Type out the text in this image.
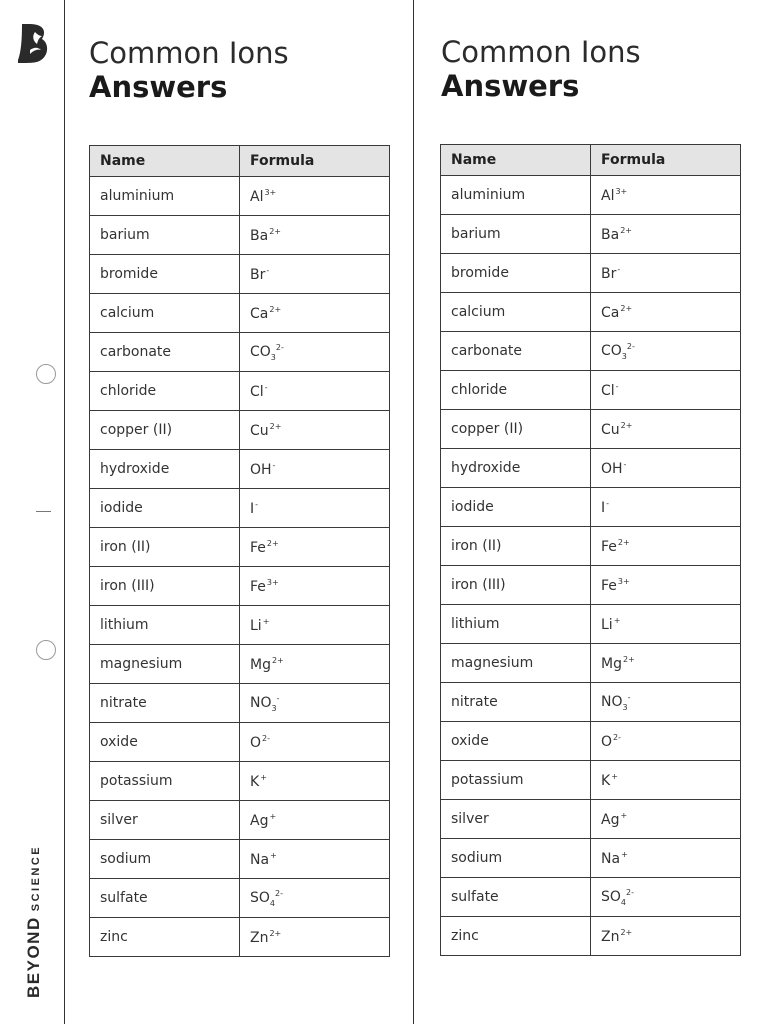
BEYONDSCIENCE
Common Ions
Answers
Name	Formula
aluminium	$Al^{3+}$
barium	$Ba^{2+}$
bromide	Br-
calcium	$Ca^{2+}$
carbonate	$CO_3^{2-}$
chloride	Cl-
copper (II)	$Cu^{2+}$
hydroxide	OH-
iodide	I-
iron (II)	$Fe^{2+}$
iron (III)	$Fe^{3+}$
lithium	Li+
magnesium	$Mg^{2+}$
nitrate	$NO_3^-$
oxide	$O^{2-}$
potassium	K+
silver	Ag+
sodium	Na+
sulfate	$SO_4^{2-}$
zinc	$Zn^{2+}$
Common Ions
Answers
Name	Formula
aluminium	$Al^{3+}$
barium	$Ba^{2+}$
bromide	Br-
calcium	$Ca^{2+}$
carbonate	$CO_3^{2-}$
chloride	Cl-
copper (II)	$Cu^{2+}$
hydroxide	OH-
iodide	I-
iron (II)	$Fe^{2+}$
iron (III)	$Fe^{3+}$
lithium	Li+
magnesium	$Mg^{2+}$
nitrate	$NO_3^-$
oxide	$O^{2-}$
potassium	K+
silver	Ag+
sodium	Na+
sulfate	$SO_4^{2-}$
zinc	$Zn^{2+}$
